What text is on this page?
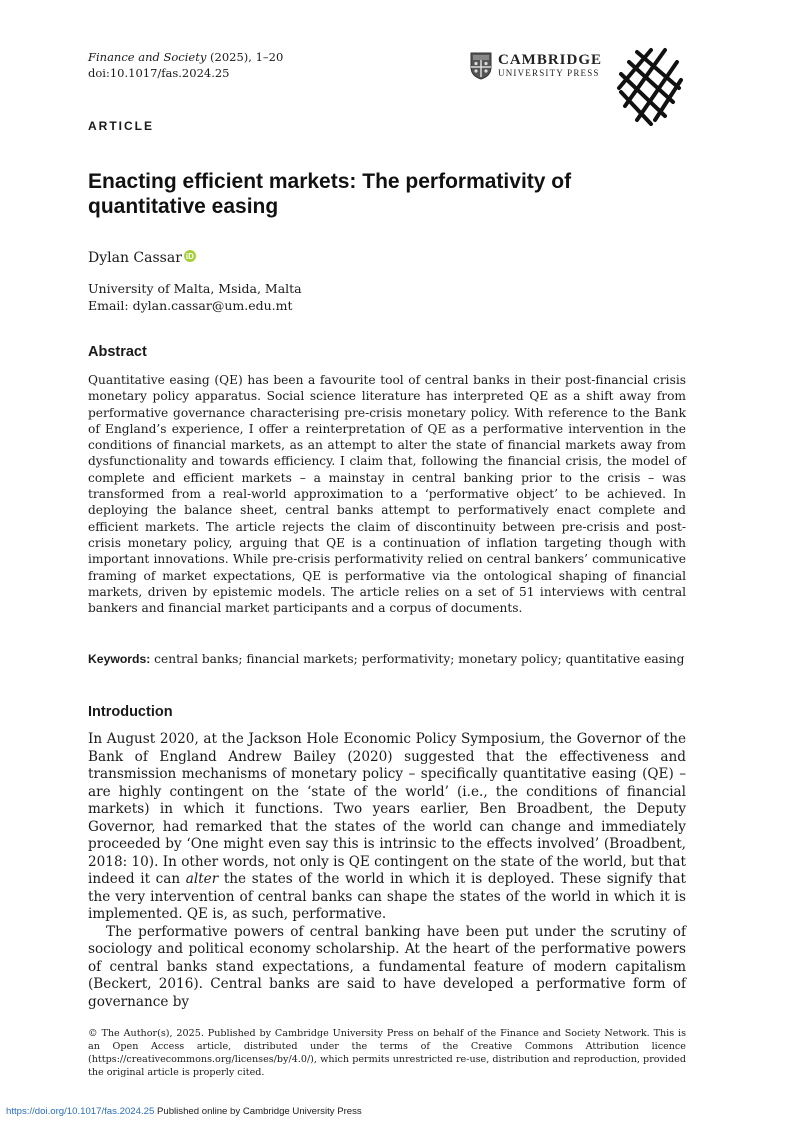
Finance and Society (2025), 1–20
doi:10.1017/fas.2024.25
CAMBRIDGE
UNIVERSITY PRESS
ARTICLE
Enacting efficient markets: The performativity of quantitative easing
Dylan Cassar iD
University of Malta, Msida, Malta
Email: dylan.cassar@um.edu.mt
Abstract
Quantitative easing (QE) has been a favourite tool of central banks in their post-financial crisis monetary policy apparatus. Social science literature has interpreted QE as a shift away from performative governance characterising pre-crisis monetary policy. With reference to the Bank of England’s experience, I offer a reinterpretation of QE as a performative intervention in the conditions of financial markets, as an attempt to alter the state of financial markets away from dysfunctionality and towards efficiency. I claim that, following the financial crisis, the model of complete and efficient markets – a mainstay in central banking prior to the crisis – was transformed from a real-world approximation to a ‘performative object’ to be achieved. In deploying the balance sheet, central banks attempt to performatively enact complete and efficient markets. The article rejects the claim of discontinuity between pre-crisis and post-crisis monetary policy, arguing that QE is a continuation of inflation targeting though with important innovations. While pre-crisis performativity relied on central bankers’ communicative framing of market expectations, QE is performative via the ontological shaping of financial markets, driven by epistemic models. The article relies on a set of 51 interviews with central bankers and financial market participants and a corpus of documents.
Keywords: central banks; financial markets; performativity; monetary policy; quantitative easing
Introduction

In August 2020, at the Jackson Hole Economic Policy Symposium, the Governor of the Bank of England Andrew Bailey (2020) suggested that the effectiveness and transmission mechanisms of monetary policy – specifically quantitative easing (QE) – are highly contingent on the ‘state of the world’ (i.e., the conditions of financial markets) in which it functions. Two years earlier, Ben Broadbent, the Deputy Governor, had remarked that the states of the world can change and immediately proceeded by ‘One might even say this is intrinsic to the effects involved’ (Broadbent, 2018: 10). In other words, not only is QE contingent on the state of the world, but that indeed it can alter the states of the world in which it is deployed. These signify that the very intervention of central banks can shape the states of the world in which it is implemented. QE is, as such, performative.

The performative powers of central banking have been put under the scrutiny of sociology and political economy scholarship. At the heart of the performative powers of central banks stand expectations, a fundamental feature of modern capitalism (Beckert, 2016). Central banks are said to have developed a performative form of governance by

© The Author(s), 2025. Published by Cambridge University Press on behalf of the Finance and Society Network. This is an Open Access article, distributed under the terms of the Creative Commons Attribution licence (https://creativecommons.org/licenses/by/4.0/), which permits unrestricted re-use, distribution and reproduction, provided the original article is properly cited.
https://doi.org/10.1017/fas.2024.25 Published online by Cambridge University Press
